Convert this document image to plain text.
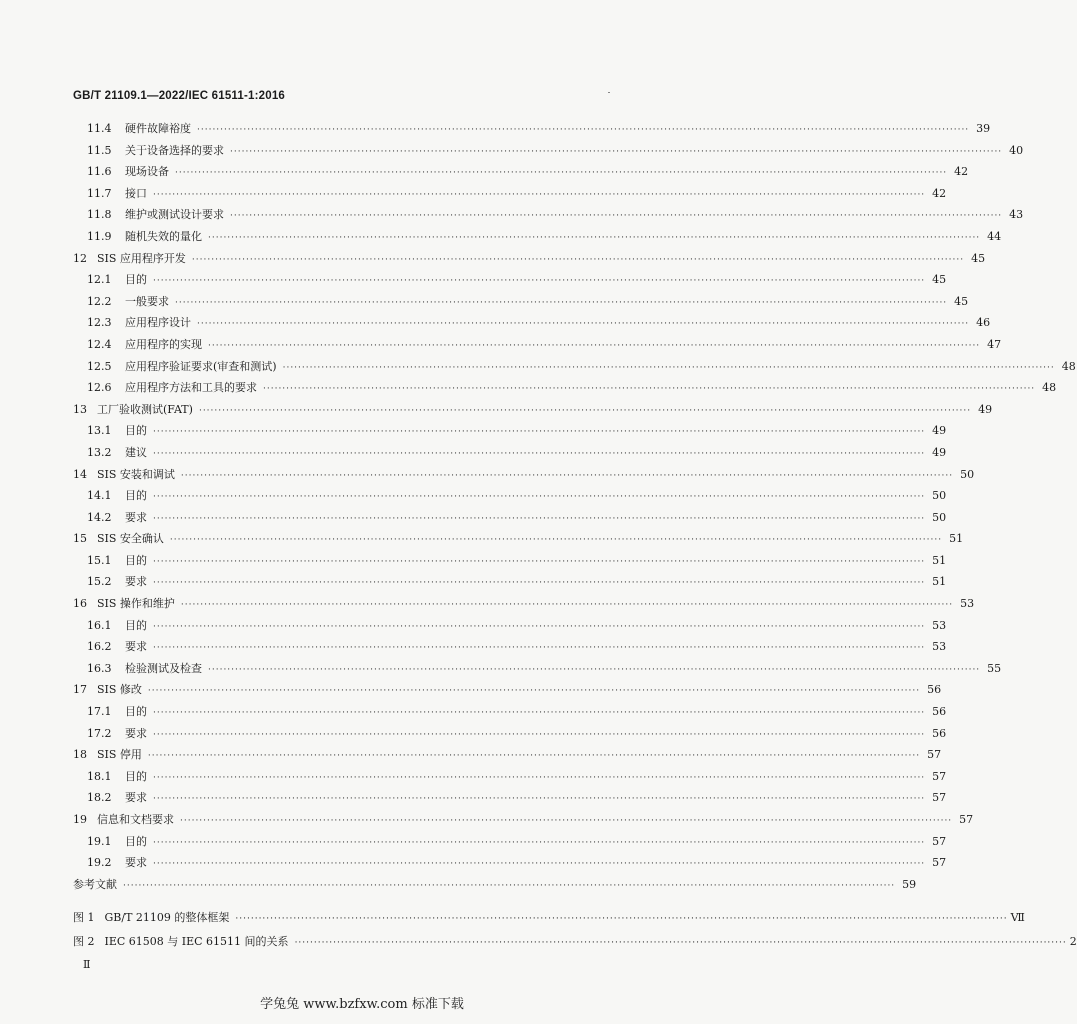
GB/T 21109.1—2022/IEC 61511-1:2016
11.4	硬件故障裕度 ········································································································································································································ 39
11.5	关于设备选择的要求 ········································································································································································································ 40
11.6	现场设备 ········································································································································································································ 42
11.7	接口 ········································································································································································································ 42
11.8	维护或测试设计要求 ········································································································································································································ 43
11.9	随机失效的量化 ········································································································································································································ 44
12 SIS 应用程序开发 ········································································································································································································ 45
12.1	目的 ········································································································································································································ 45
12.2	一般要求 ········································································································································································································ 45
12.3	应用程序设计 ········································································································································································································ 46
12.4	应用程序的实现 ········································································································································································································ 47
12.5	应用程序验证要求(审查和测试) ········································································································································································································ 48
12.6	应用程序方法和工具的要求 ········································································································································································································ 48
13 工厂验收测试(FAT) ········································································································································································································ 49
13.1	目的 ········································································································································································································ 49
13.2	建议 ········································································································································································································ 49
14 SIS 安装和调试 ········································································································································································································ 50
14.1	目的 ········································································································································································································ 50
14.2	要求 ········································································································································································································ 50
15 SIS 安全确认 ········································································································································································································ 51
15.1	目的 ········································································································································································································ 51
15.2	要求 ········································································································································································································ 51
16 SIS 操作和维护 ········································································································································································································ 53
16.1	目的 ········································································································································································································ 53
16.2	要求 ········································································································································································································ 53
16.3	检验测试及检查 ········································································································································································································ 55
17 SIS 修改 ········································································································································································································ 56
17.1	目的 ········································································································································································································ 56
17.2	要求 ········································································································································································································ 56
18 SIS 停用 ········································································································································································································ 57
18.1	目的 ········································································································································································································ 57
18.2	要求 ········································································································································································································ 57
19 信息和文档要求 ········································································································································································································ 57
19.1	目的 ········································································································································································································ 57
19.2	要求 ········································································································································································································ 57
参考文献 ········································································································································································································ 59
图 1 GB/T 21109 的整体框架 ········································································································································································································ Ⅶ
图 2 IEC 61508 与 IEC 61511 间的关系 ········································································································································································································ 2
Ⅱ
学兔兔 www.bzfxw.com 标准下载
